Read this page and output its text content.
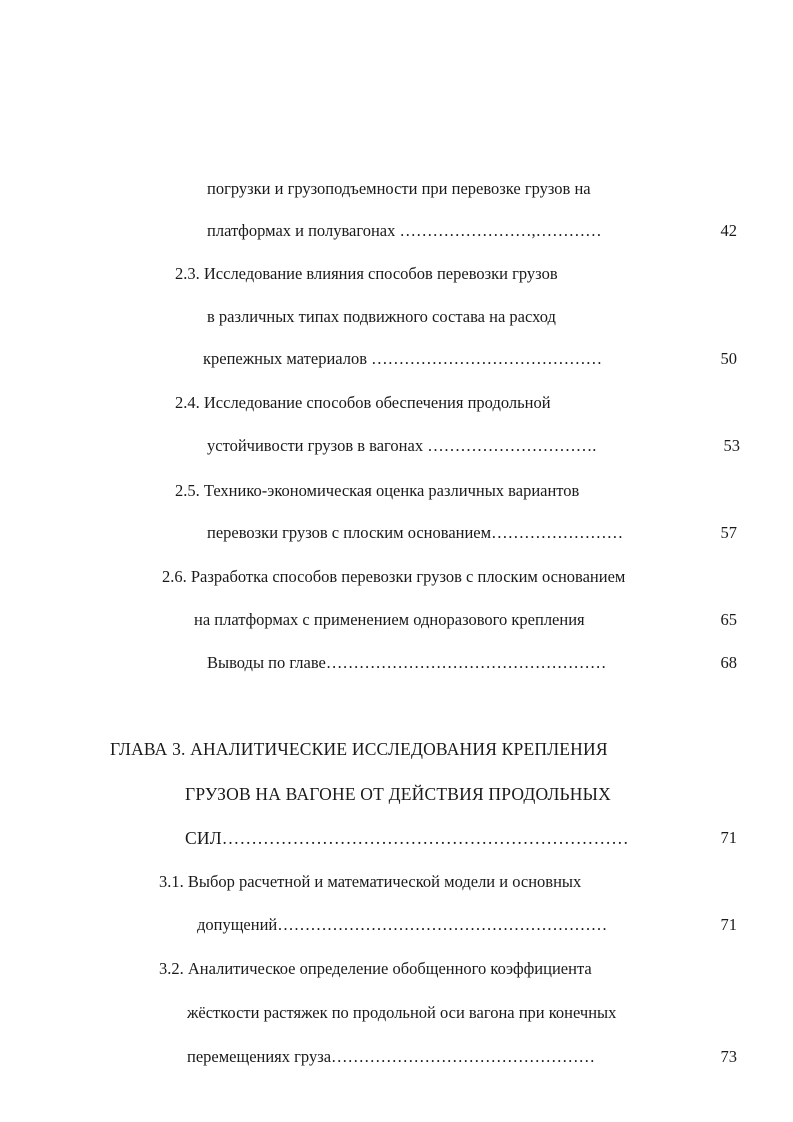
погрузки и грузоподъемности при перевозке грузов на
платформах и полувагонах ……………………,…………	42
2.3. Исследование влияния способов перевозки грузов
в различных типах подвижного состава на расход
крепежных материалов ……………………………………	50
2.4. Исследование способов обеспечения продольной
устойчивости грузов в вагонах ………………………….	53
2.5. Технико-экономическая оценка различных вариантов
перевозки грузов с плоским основанием……………………	57
2.6. Разработка способов перевозки грузов с плоским основанием
на платформах с применением одноразового крепления	65
Выводы по главе……………………………………………	68
ГЛАВА 3. АНАЛИТИЧЕСКИЕ ИССЛЕДОВАНИЯ КРЕПЛЕНИЯ
ГРУЗОВ НА ВАГОНЕ ОТ ДЕЙСТВИЯ ПРОДОЛЬНЫХ
СИЛ……………………………………………………………	71
3.1. Выбор расчетной и математической модели и основных
допущений……………………………………………………	71
3.2. Аналитическое определение обобщенного коэффициента
жёсткости растяжек по продольной оси вагона при конечных
перемещениях груза…………………………………………	73
